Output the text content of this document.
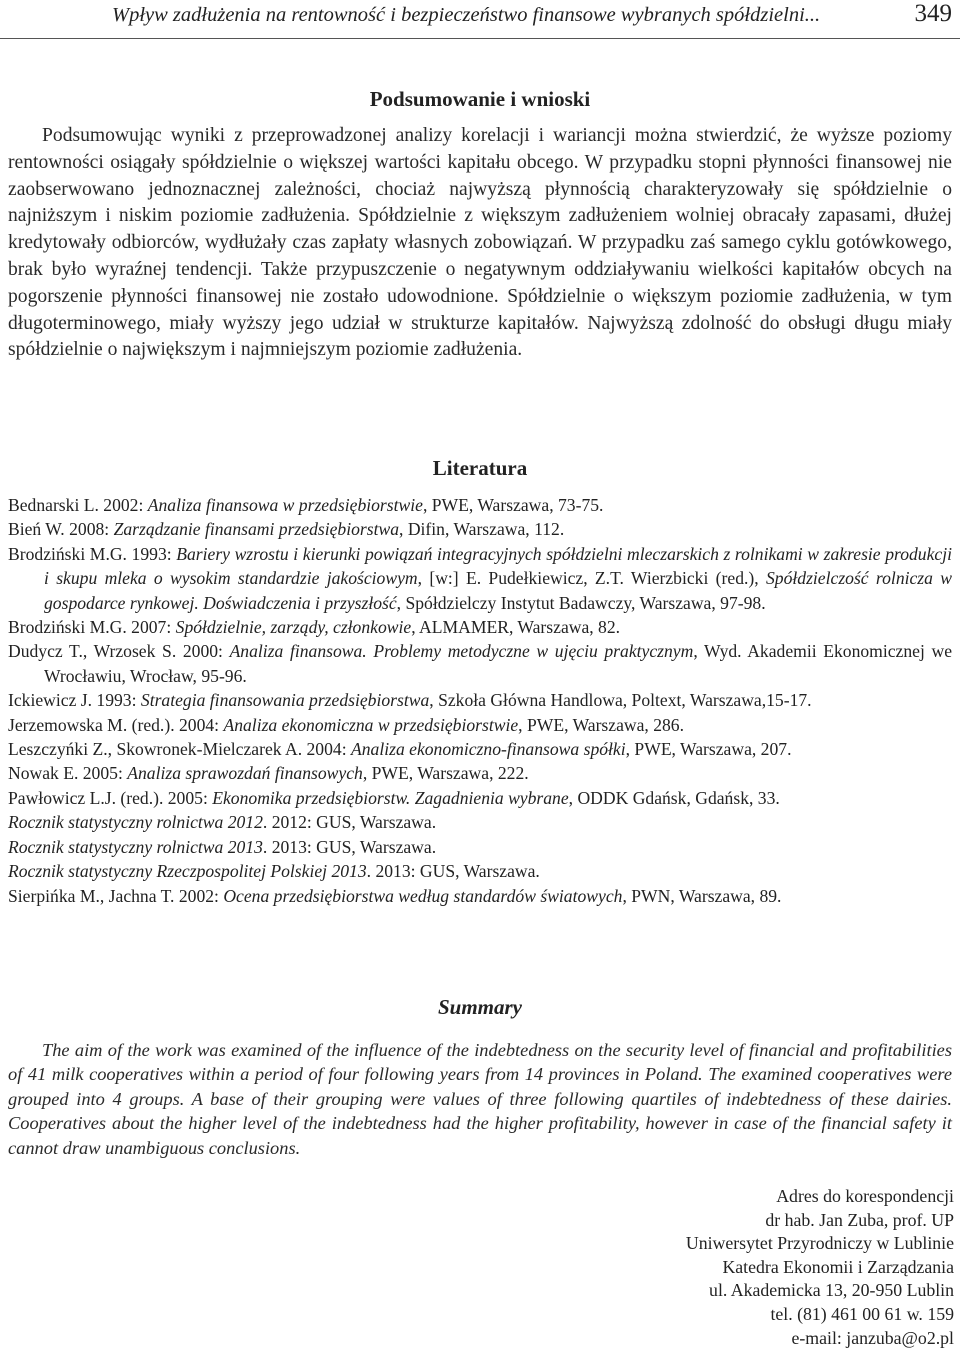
Wpływ zadłużenia na rentowność i bezpieczeństwo finansowe wybranych spółdzielni...	349
Podsumowanie i wnioski

Podsumowując wyniki z przeprowadzonej analizy korelacji i wariancji można stwierdzić, że wyższe poziomy rentowności osiągały spółdzielnie o większej wartości kapitału obcego. W przypadku stopni płynności finansowej nie zaobserwowano jednoznacznej zależności, chociaż najwyższą płynnością charakteryzowały się spółdzielnie o najniższym i niskim poziomie zadłużenia. Spółdzielnie z większym zadłużeniem wolniej obracały zapasami, dłużej kredytowały odbiorców, wydłużały czas zapłaty własnych zobowiązań. W przypadku zaś samego cyklu gotówkowego, brak było wyraźnej tendencji. Także przypuszczenie o negatywnym oddziaływaniu wielkości kapitałów obcych na pogorszenie płynności finansowej nie zostało udowodnione. Spółdzielnie o większym poziomie zadłużenia, w tym długoterminowego, miały wyższy jego udział w strukturze kapitałów. Najwyższą zdolność do obsługi długu miały spółdzielnie o największym i najmniejszym poziomie zadłużenia.

Literatura
Bednarski L. 2002: Analiza finansowa w przedsiębiorstwie, PWE, Warszawa, 73-75.
Bień W. 2008: Zarządzanie finansami przedsiębiorstwa, Difin, Warszawa, 112.
Brodziński M.G. 1993: Bariery wzrostu i kierunki powiązań integracyjnych spółdzielni mleczarskich z rolnikami w zakresie produkcji i skupu mleka o wysokim standardzie jakościowym, [w:] E. Pudełkiewicz, Z.T. Wierzbicki (red.), Spółdzielczość rolnicza w gospodarce rynkowej. Doświadczenia i przyszłość, Spółdzielczy Instytut Badawczy, Warszawa, 97-98.
Brodziński M.G. 2007: Spółdzielnie, zarządy, członkowie, ALMAMER, Warszawa, 82.
Dudycz T., Wrzosek S. 2000: Analiza finansowa. Problemy metodyczne w ujęciu praktycznym, Wyd. Akademii Ekonomicznej we Wrocławiu, Wrocław, 95-96.
Ickiewicz J. 1993: Strategia finansowania przedsiębiorstwa, Szkoła Główna Handlowa, Poltext, Warszawa,15-17.
Jerzemowska M. (red.). 2004: Analiza ekonomiczna w przedsiębiorstwie, PWE, Warszawa, 286.
Leszczyńki Z., Skowronek-Mielczarek A. 2004: Analiza ekonomiczno-finansowa spółki, PWE, Warszawa, 207.
Nowak E. 2005: Analiza sprawozdań finansowych, PWE, Warszawa, 222.
Pawłowicz L.J. (red.). 2005: Ekonomika przedsiębiorstw. Zagadnienia wybrane, ODDK Gdańsk, Gdańsk, 33.
Rocznik statystyczny rolnictwa 2012. 2012: GUS, Warszawa.
Rocznik statystyczny rolnictwa 2013. 2013: GUS, Warszawa.
Rocznik statystyczny Rzeczpospolitej Polskiej 2013. 2013: GUS, Warszawa.
Sierpińka M., Jachna T. 2002: Ocena przedsiębiorstwa według standardów światowych, PWN, Warszawa, 89.
Summary

The aim of the work was examined of the influence of the indebtedness on the security level of financial and profitabilities of 41 milk cooperatives within a period of four following years from 14 provinces in Poland. The examined cooperatives were grouped into 4 groups. A base of their grouping were values of three following quartiles of indebtedness of these dairies. Cooperatives about the higher level of the indebtedness had the higher profitability, however in case of the financial safety it cannot draw unambiguous conclusions.

Adres do korespondencji
dr hab. Jan Zuba, prof. UP
Uniwersytet Przyrodniczy w Lublinie
Katedra Ekonomii i Zarządzania
ul. Akademicka 13, 20-950 Lublin
tel. (81) 461 00 61 w. 159
e-mail: janzuba@o2.pl
